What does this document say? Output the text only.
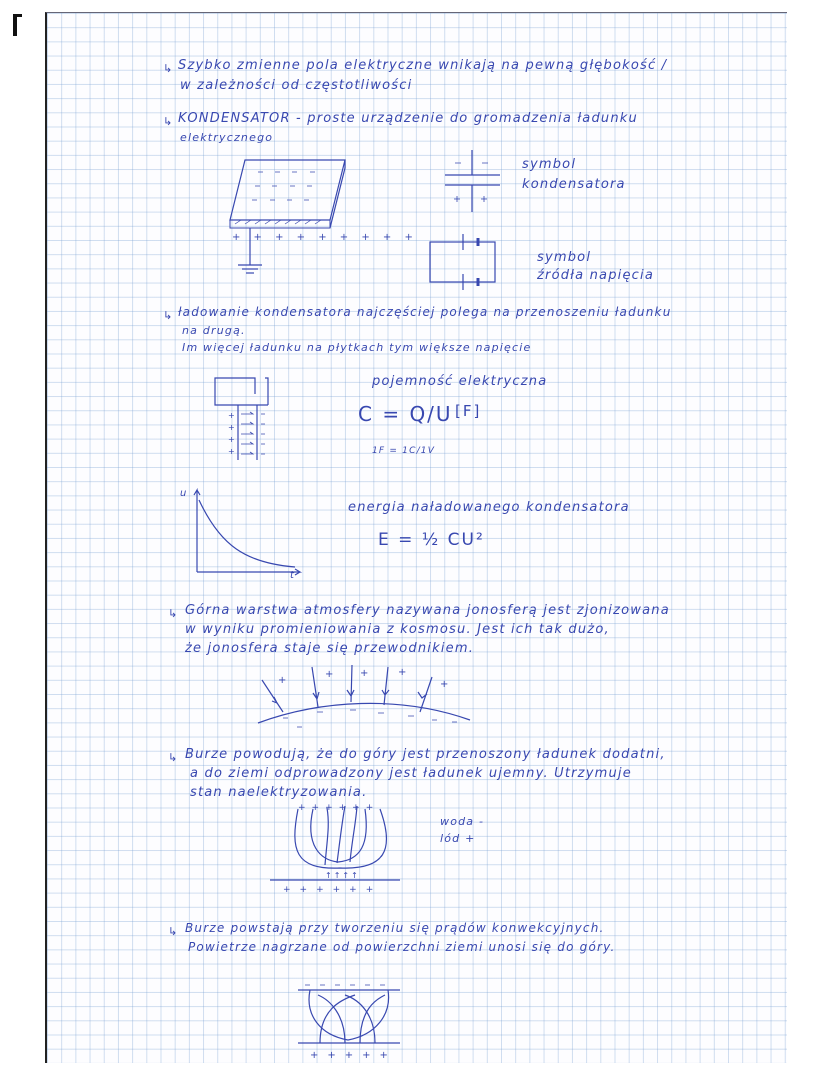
↳ Szybko zmienne pola elektryczne wnikają na pewną głębokość /
w zależności od częstotliwości
↳ KONDENSATOR - proste urządzenie do gromadzenia ładunku
elektrycznego
symbol
kondensatora
symbol
źródła napięcia
↳ ładowanie kondensatora najczęściej polega na przenoszeniu ładunku
na drugą.
Im więcej ładunku na płytkach tym większe napięcie
pojemność elektryczna
C = Q/U [F]
1F = 1C/1V
u
t
energia naładowanego kondensatora
E = ½ CU²
↳ Górna warstwa atmosfery nazywana jonosferą jest zjonizowana
w wyniku promieniowania z kosmosu. Jest ich tak dużo,
że jonosfera staje się przewodnikiem.
↳ Burze powodują, że do góry jest przenoszony ładunek dodatni,
a do ziemi odprowadzony jest ładunek ujemny. Utrzymuje
stan naelektryzowania.
woda -
lód +
↳ Burze powstają przy tworzeniu się prądów konwekcyjnych.
Powietrze nagrzane od powierzchni ziemi unosi się do góry.
+ + + + + + + + +
+
+
+
+
+
+	+	+
+
++++++
↑↑↑↑
++++++
+++++
